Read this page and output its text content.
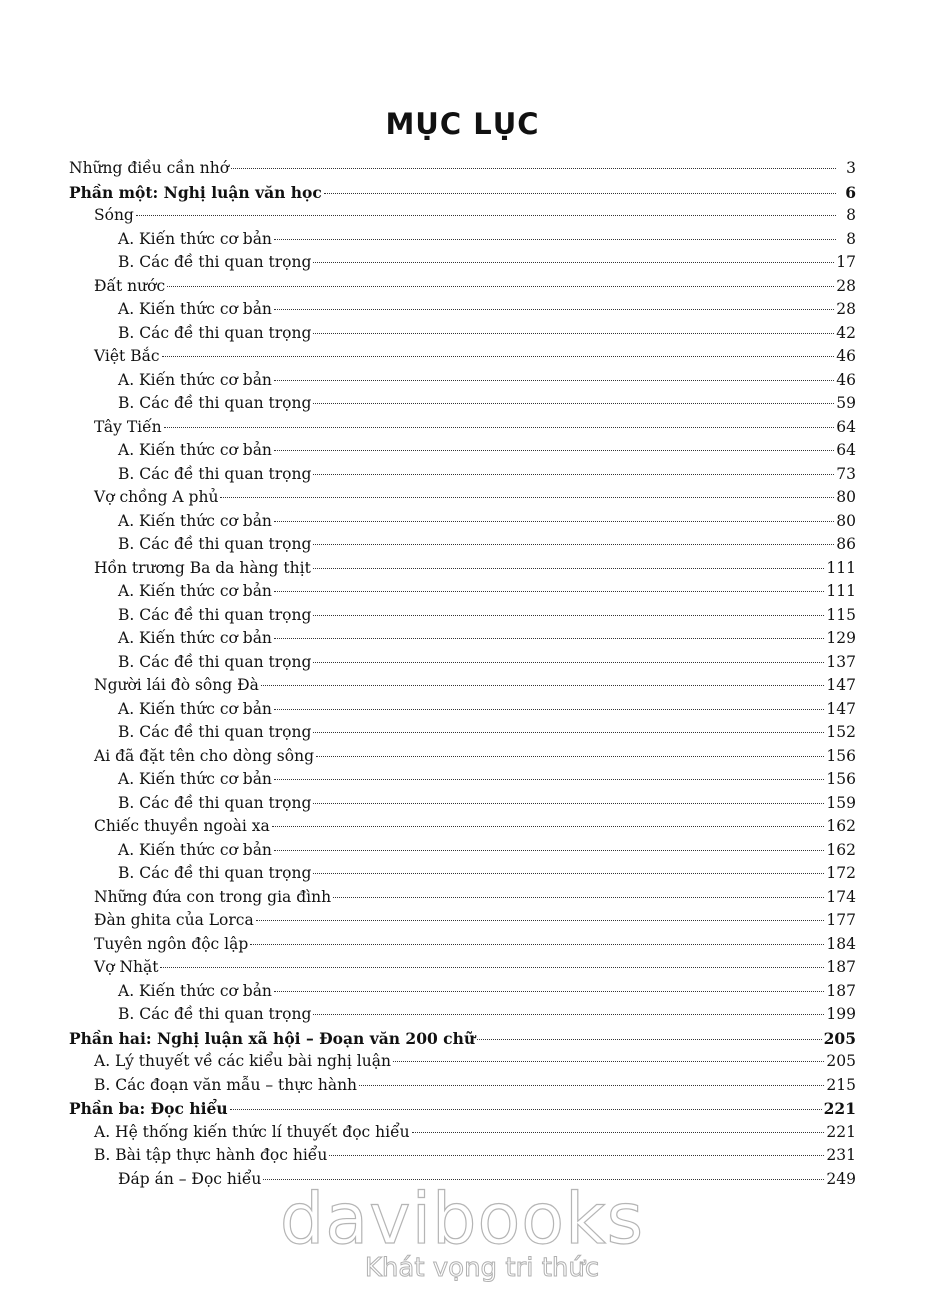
MỤC LỤC
Những điều cần nhớ	3
Phần một: Nghị luận văn học	6
Sóng	8
A. Kiến thức cơ bản	8
B. Các đề thi quan trọng	17
Đất nước	28
A. Kiến thức cơ bản	28
B. Các đề thi quan trọng	42
Việt Bắc	46
A. Kiến thức cơ bản	46
B. Các đề thi quan trọng	59
Tây Tiến	64
A. Kiến thức cơ bản	64
B. Các đề thi quan trọng	73
Vợ chồng A phủ	80
A. Kiến thức cơ bản	80
B. Các đề thi quan trọng	86
Hồn trương Ba da hàng thịt	111
A. Kiến thức cơ bản	111
B. Các đề thi quan trọng	115
A. Kiến thức cơ bản	129
B. Các đề thi quan trọng	137
Người lái đò sông Đà	147
A. Kiến thức cơ bản	147
B. Các đề thi quan trọng	152
Ai đã đặt tên cho dòng sông	156
A. Kiến thức cơ bản	156
B. Các đề thi quan trọng	159
Chiếc thuyền ngoài xa	162
A. Kiến thức cơ bản	162
B. Các đề thi quan trọng	172
Những đứa con trong gia đình	174
Đàn ghita của Lorca	177
Tuyên ngôn độc lập	184
Vợ Nhặt	187
A. Kiến thức cơ bản	187
B. Các đề thi quan trọng	199
Phần hai: Nghị luận xã hội – Đoạn văn 200 chữ	205
A. Lý thuyết về các kiểu bài nghị luận	205
B. Các đoạn văn mẫu – thực hành	215
Phần ba: Đọc hiểu	221
A. Hệ thống kiến thức lí thuyết đọc hiểu	221
B. Bài tập thực hành đọc hiểu	231
Đáp án – Đọc hiểu	249
davibooks
Khát vọng tri thức
